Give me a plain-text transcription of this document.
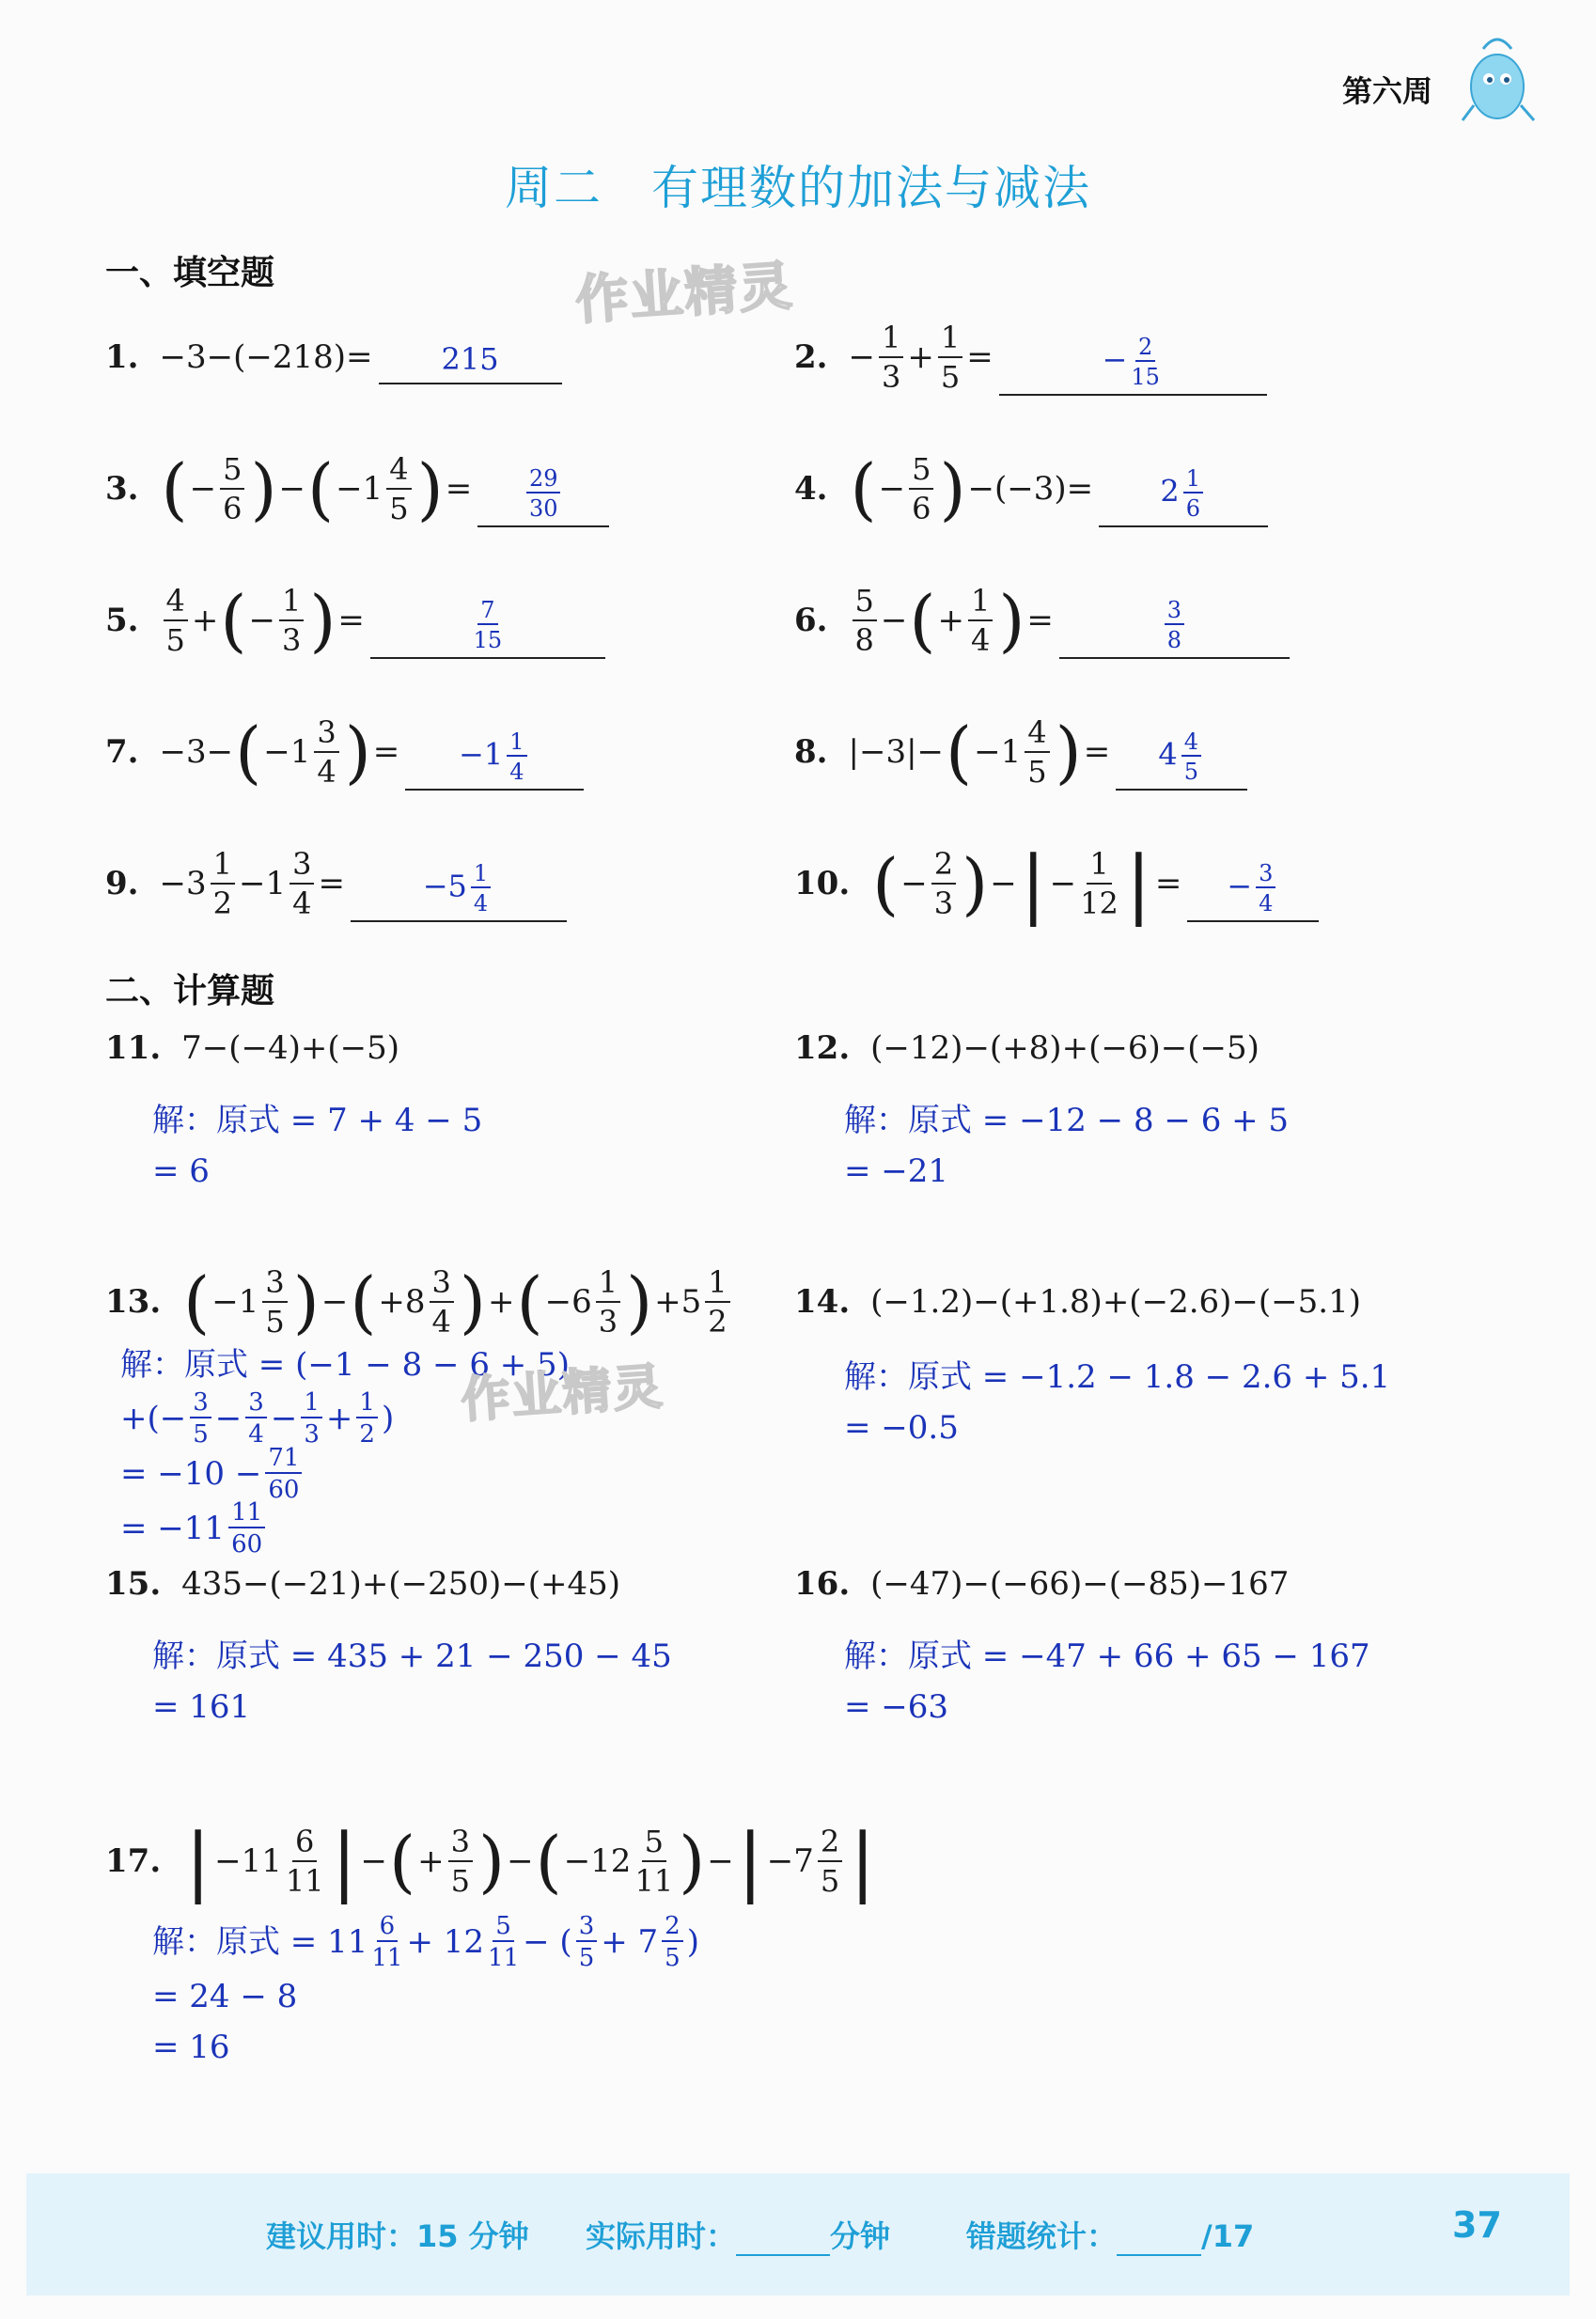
第六周
周二　有理数的加法与减法
一、填空题	作业精灵
1. −3−(−218)=	215	2. − $\frac{1}{3} + \frac{1}{5}$ =	− $\frac{2}{15}$
3. ( − $\frac{5}{6}$ ) − ( −1
4
5 ) = $\frac{29}{30}$	4. ( − $\frac{5}{6}$ ) −(−3)=	$2 \frac{1}{6}$
5.
4
5
+ ( − $\frac{1}{3}$ ) =	$\frac{7}{15}$	6.
5
8
− ( + $\frac{1}{4}$ ) =	$\frac{3}{8}$
7. −3− ( −1
3
4 ) =	$-1 \frac{1}{4}$	8. |−3|− ( −1
4
5 ) =	$4 \frac{4}{5}$
9. −3
1
2
$-1 \frac{3}{4}$ =	$-5 \frac{1}{4}$	10. ( − $\frac{2}{3}$ ) − | − $\frac{1}{12}$ | =	− $\frac{3}{4}$
二、计算题
11. 7−(−4)+(−5)
解：原式 = 7 + 4 − 5
= 6
12. (−12)−(+8)+(−6)−(−5)
解：原式 = −12 − 8 − 6 + 5
= −21
13. ( −1
3
5 ) − ( +8
3
4 ) + ( −6
1
3 ) +5
1
2
解：原式 = (−1 − 8 − 6 + 5)
+(− 3
5 − 3
4 − 1
3 + 1
2 )
= $-10 - \frac{71}{60}$
= −11 11
60
作业精灵
14. (−1.2)−(+1.8)+(−2.6)−(−5.1)
解：原式 = −1.2 − 1.8 − 2.6 + 5.1
= −0.5
15. 435−(−21)+(−250)−(+45)
解：原式 = 435 + 21 − 250 − 45
= 161
16. (−47)−(−66)−(−85)−167
解：原式 = −47 + 66 + 65 − 167
= −63
17. | −11
6
11 | − ( + $\frac{3}{5}$ ) − ( −12
5
11 ) − | −7
2
5 |
解：原式 = 11 6
11 + 12 5
11 − ( 3
5 + 7 2
5 )
= 24 − 8
= 16
建议用时：15 分钟 实际用时：	分钟	错题统计：	/17	37
